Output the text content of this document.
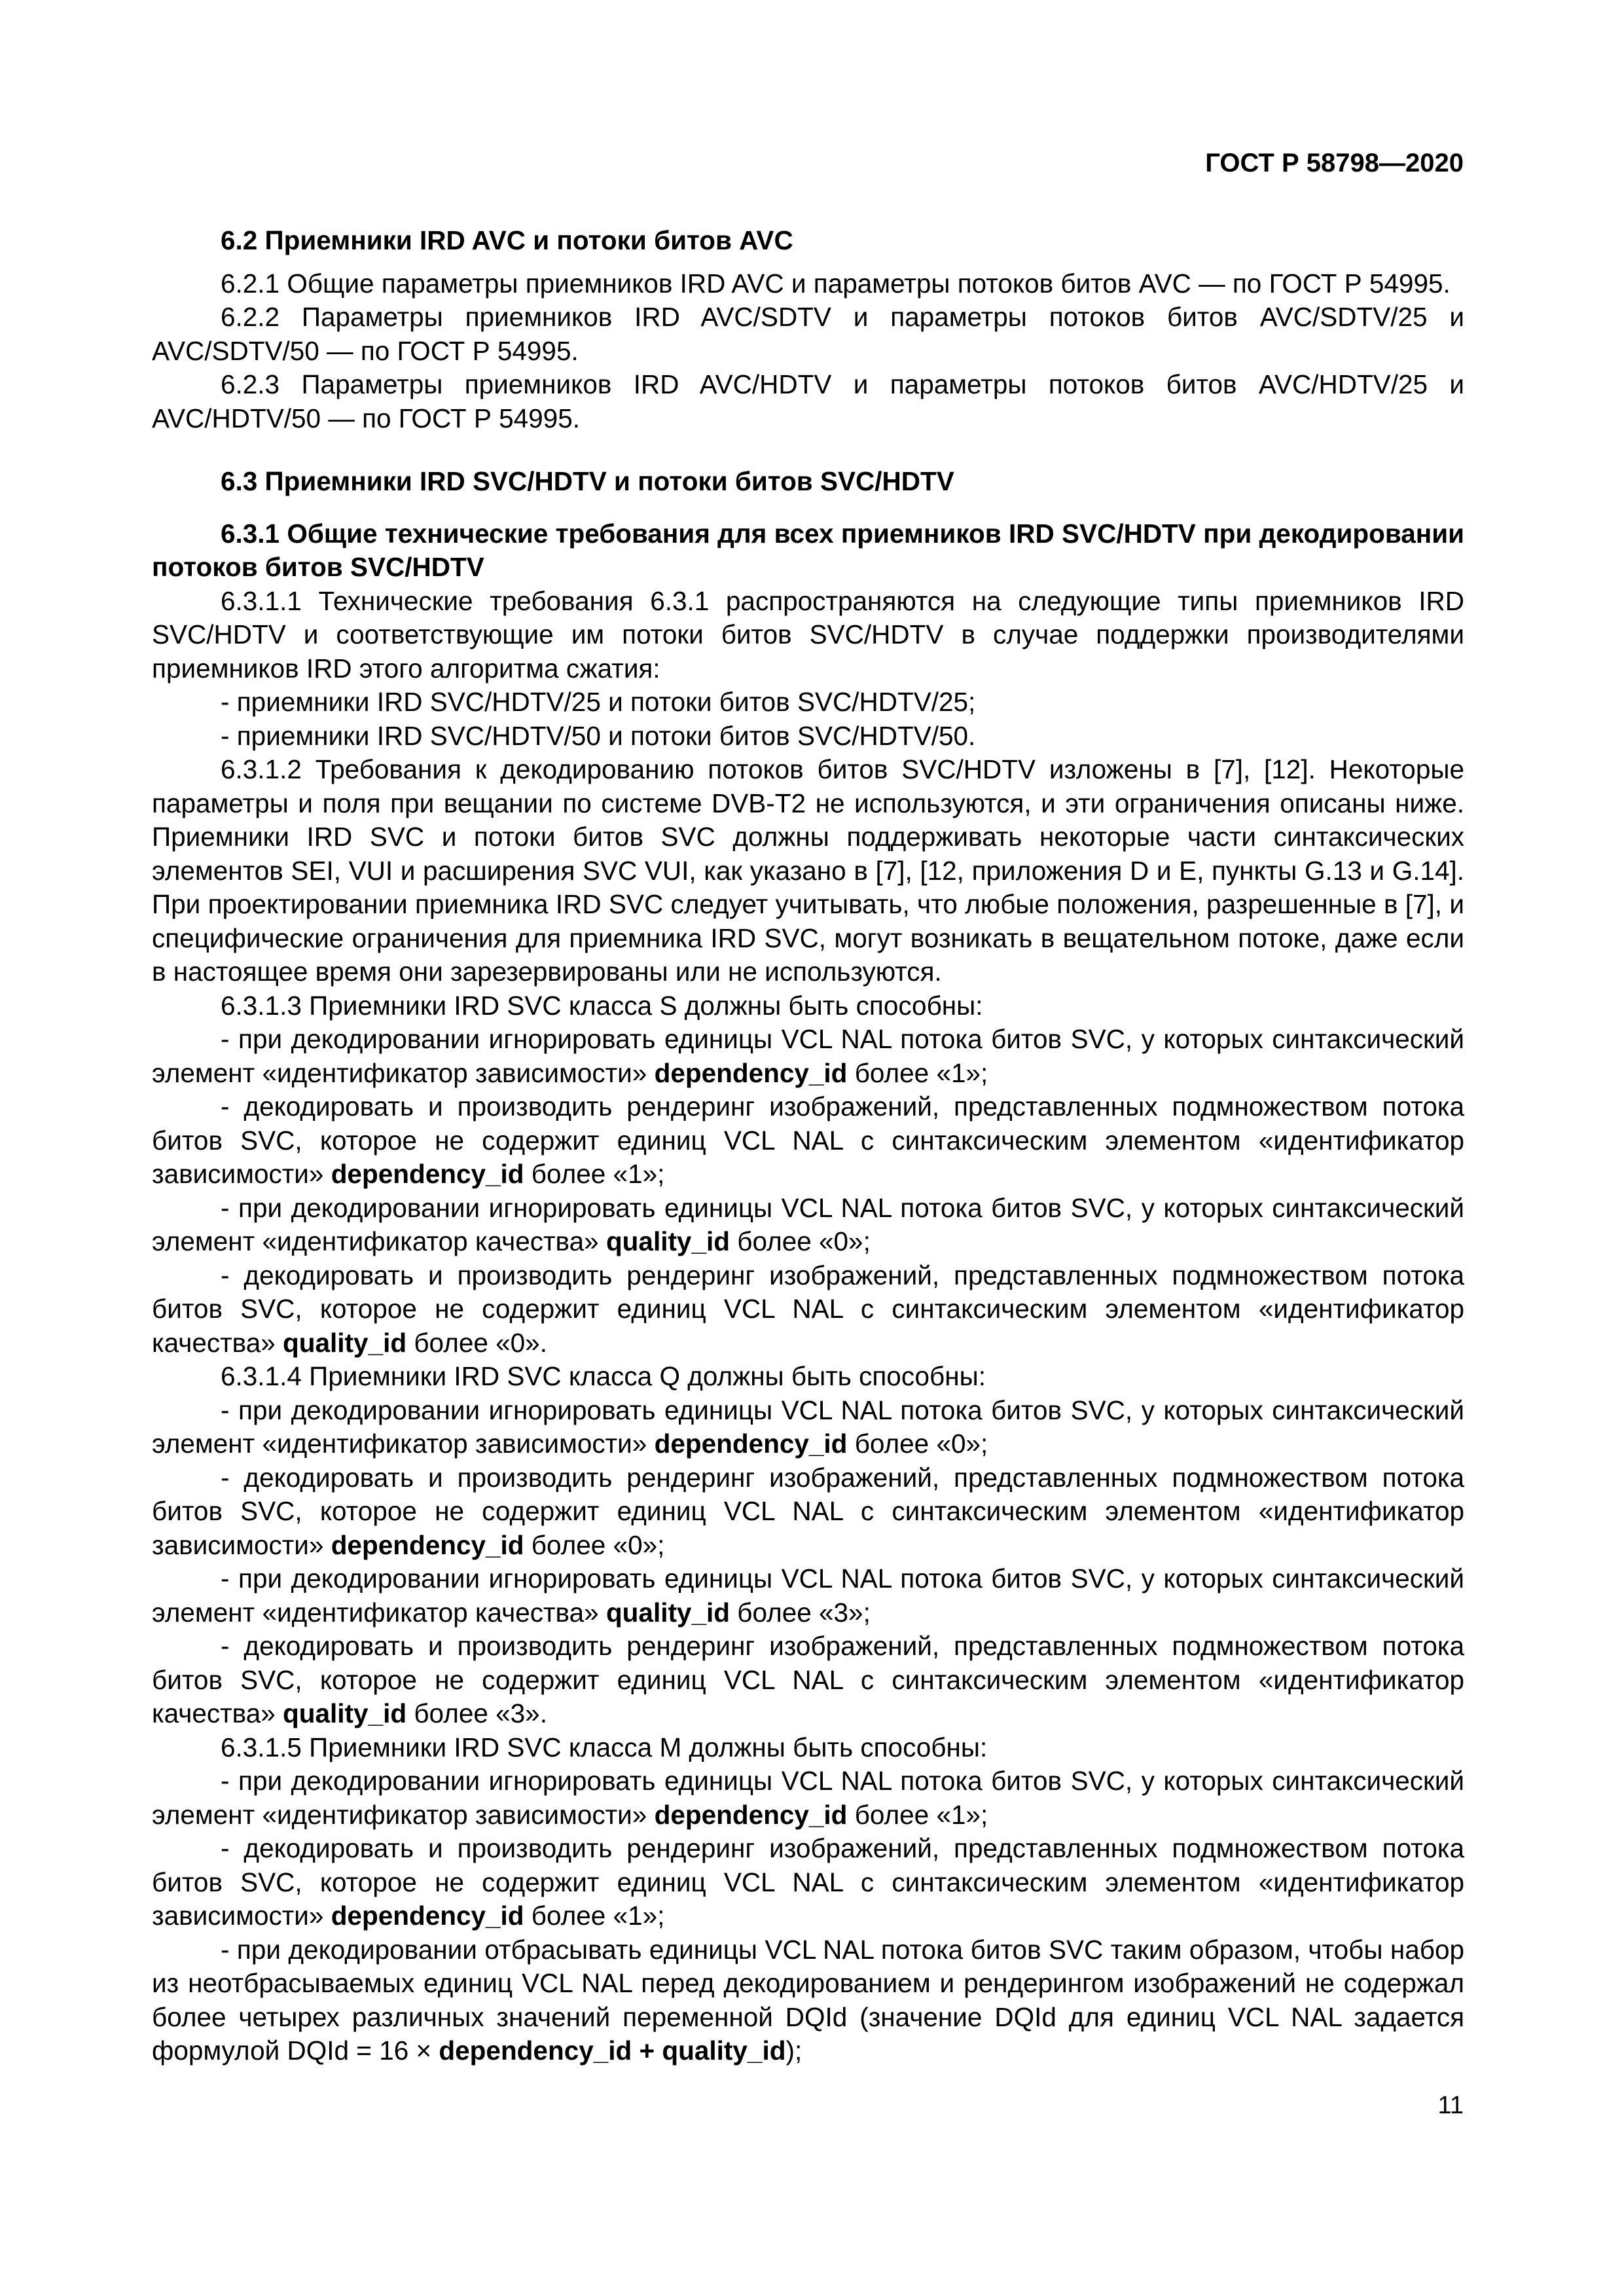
ГОСТ Р 58798—2020

6.2 Приемники IRD AVC и потоки битов AVC

6.2.1 Общие параметры приемников IRD AVC и параметры потоков битов AVC — по ГОСТ Р 54995.

6.2.2 Параметры приемников IRD AVC/SDTV и параметры потоков битов AVC/SDTV/25 и AVC/SDTV/50 — по ГОСТ Р 54995.

6.2.3 Параметры приемников IRD AVC/HDTV и параметры потоков битов AVC/HDTV/25 и AVC/HDTV/50 — по ГОСТ Р 54995.

6.3 Приемники IRD SVC/HDTV и потоки битов SVC/HDTV

6.3.1 Общие технические требования для всех приемников IRD SVC/HDTV при декодировании потоков битов SVC/HDTV

6.3.1.1 Технические требования 6.3.1 распространяются на следующие типы приемников IRD SVC/HDTV и соответствующие им потоки битов SVC/HDTV в случае поддержки производителями приемников IRD этого алгоритма сжатия:

- приемники IRD SVC/HDTV/25 и потоки битов SVC/HDTV/25;

- приемники IRD SVC/HDTV/50 и потоки битов SVC/HDTV/50.

6.3.1.2 Требования к декодированию потоков битов SVC/HDTV изложены в [7], [12]. Некоторые параметры и поля при вещании по системе DVB-T2 не используются, и эти ограничения описаны ниже. Приемники IRD SVC и потоки битов SVC должны поддерживать некоторые части синтаксических элементов SEI, VUI и расширения SVC VUI, как указано в [7], [12, приложения D и E, пункты G.13 и G.14]. При проектировании приемника IRD SVC следует учитывать, что любые положения, разрешенные в [7], и специфические ограничения для приемника IRD SVC, могут возникать в вещательном потоке, даже если в настоящее время они зарезервированы или не используются.

6.3.1.3 Приемники IRD SVC класса S должны быть способны:

- при декодировании игнорировать единицы VCL NAL потока битов SVC, у которых синтаксический элемент «идентификатор зависимости» dependency_id более «1»;

- декодировать и производить рендеринг изображений, представленных подмножеством потока битов SVC, которое не содержит единиц VCL NAL с синтаксическим элементом «идентификатор зависимости» dependency_id более «1»;

- при декодировании игнорировать единицы VCL NAL потока битов SVC, у которых синтаксический элемент «идентификатор качества» quality_id более «0»;

- декодировать и производить рендеринг изображений, представленных подмножеством потока битов SVC, которое не содержит единиц VCL NAL с синтаксическим элементом «идентификатор качества» quality_id более «0».

6.3.1.4 Приемники IRD SVC класса Q должны быть способны:

- при декодировании игнорировать единицы VCL NAL потока битов SVC, у которых синтаксический элемент «идентификатор зависимости» dependency_id более «0»;

- декодировать и производить рендеринг изображений, представленных подмножеством потока битов SVC, которое не содержит единиц VCL NAL с синтаксическим элементом «идентификатор зависимости» dependency_id более «0»;

- при декодировании игнорировать единицы VCL NAL потока битов SVC, у которых синтаксический элемент «идентификатор качества» quality_id более «3»;

- декодировать и производить рендеринг изображений, представленных подмножеством потока битов SVC, которое не содержит единиц VCL NAL с синтаксическим элементом «идентификатор качества» quality_id более «3».

6.3.1.5 Приемники IRD SVC класса M должны быть способны:

- при декодировании игнорировать единицы VCL NAL потока битов SVC, у которых синтаксический элемент «идентификатор зависимости» dependency_id более «1»;

- декодировать и производить рендеринг изображений, представленных подмножеством потока битов SVC, которое не содержит единиц VCL NAL с синтаксическим элементом «идентификатор зависимости» dependency_id более «1»;

- при декодировании отбрасывать единицы VCL NAL потока битов SVC таким образом, чтобы набор из неотбрасываемых единиц VCL NAL перед декодированием и рендерингом изображений не содержал более четырех различных значений переменной DQId (значение DQId для единиц VCL NAL задается формулой DQId = 16 × dependency_id + quality_id);

11
